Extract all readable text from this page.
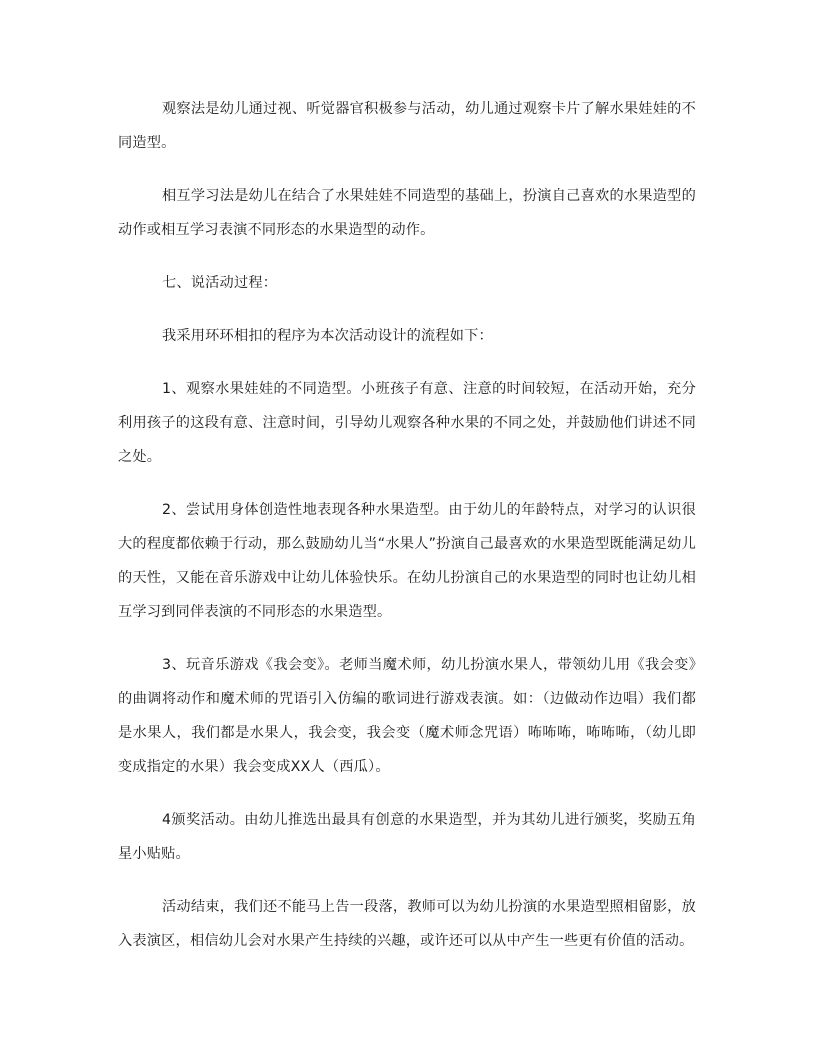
观察法是幼儿通过视、听觉器官积极参与活动，幼儿通过观察卡片了解水果娃娃的不同造型。

相互学习法是幼儿在结合了水果娃娃不同造型的基础上，扮演自己喜欢的水果造型的动作或相互学习表演不同形态的水果造型的动作。

七、说活动过程：

我采用环环相扣的程序为本次活动设计的流程如下：

1、观察水果娃娃的不同造型。小班孩子有意、注意的时间较短，在活动开始，充分利用孩子的这段有意、注意时间，引导幼儿观察各种水果的不同之处，并鼓励他们讲述不同之处。

2、尝试用身体创造性地表现各种水果造型。由于幼儿的年龄特点，对学习的认识很大的程度都依赖于行动，那么鼓励幼儿当“水果人”扮演自己最喜欢的水果造型既能满足幼儿的天性，又能在音乐游戏中让幼儿体验快乐。在幼儿扮演自己的水果造型的同时也让幼儿相互学习到同伴表演的不同形态的水果造型。

3、玩音乐游戏《我会变》。老师当魔术师，幼儿扮演水果人，带领幼儿用《我会变》的曲调将动作和魔术师的咒语引入仿编的歌词进行游戏表演。如：（边做动作边唱）我们都是水果人，我们都是水果人，我会变，我会变（魔术师念咒语）咘咘咘，咘咘咘，（幼儿即变成指定的水果）我会变成XX人（西瓜）。

4颁奖活动。由幼儿推选出最具有创意的水果造型，并为其幼儿进行颁奖，奖励五角星小贴贴。

活动结束，我们还不能马上告一段落，教师可以为幼儿扮演的水果造型照相留影，放入表演区，相信幼儿会对水果产生持续的兴趣，或许还可以从中产生一些更有价值的活动。
